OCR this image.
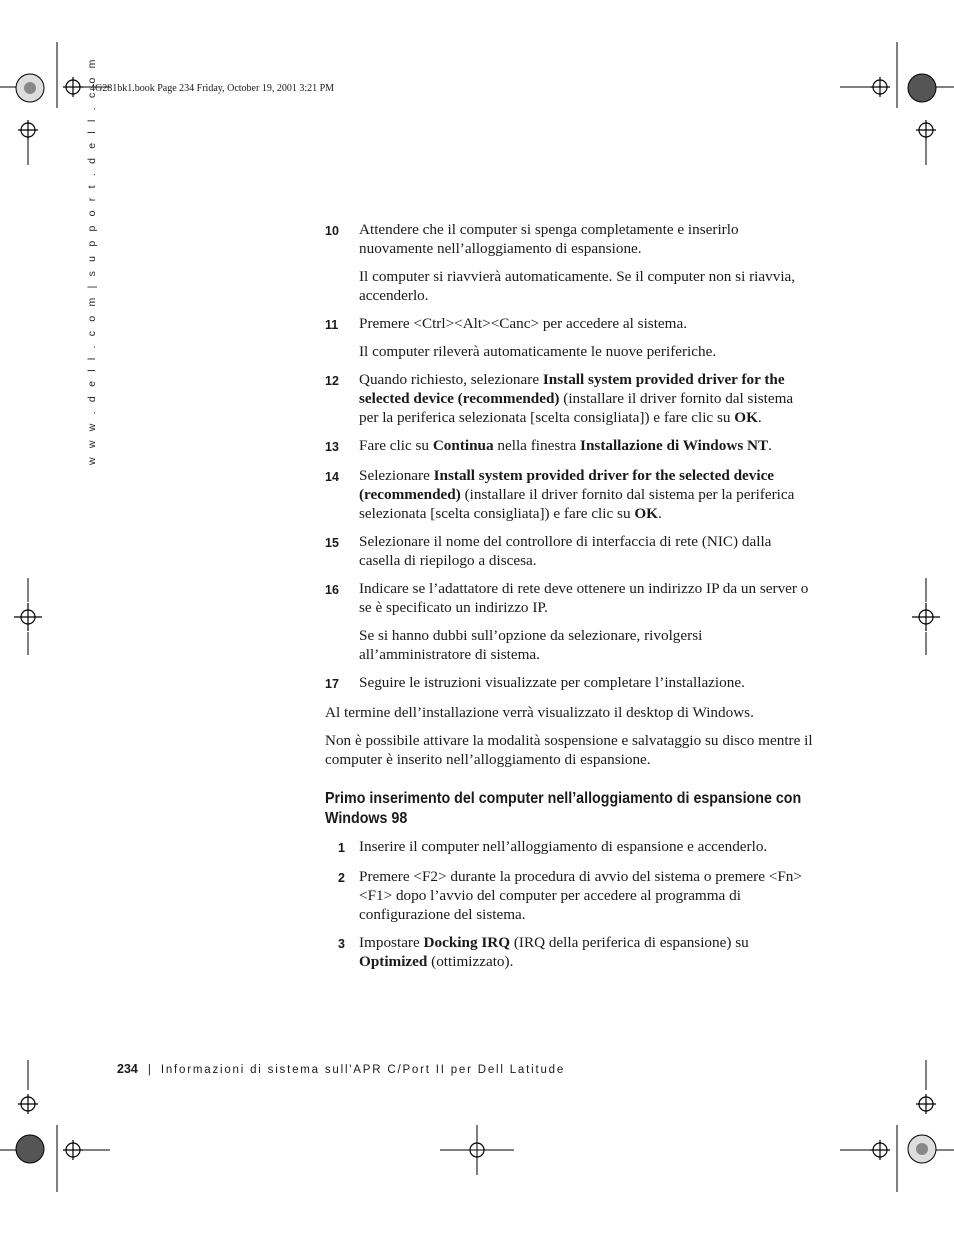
4G281bk1.book Page 234 Friday, October 19, 2001 3:21 PM
w w w . d e l l . c o m | s u p p o r t . d e l l . c o m	10	Attendere che il computer si spenga completamente e inserirlo nuovamente nell’alloggiamento di espansione.

Il computer si riavvierà automaticamente. Se il computer non si riavvia, accenderlo.

11	Premere <Ctrl><Alt><Canc> per accedere al sistema.

Il computer rileverà automaticamente le nuove periferiche.

12	Quando richiesto, selezionare Install system provided driver for the selected device (recommended) (installare il driver fornito dal sistema per la periferica selezionata [scelta consigliata]) e fare clic su OK.

13	Fare clic su Continua nella finestra Installazione di Windows NT.

14	Selezionare Install system provided driver for the selected device (recommended) (installare il driver fornito dal sistema per la periferica selezionata [scelta consigliata]) e fare clic su OK.

15	Selezionare il nome del controllore di interfaccia di rete (NIC) dalla casella di riepilogo a discesa.

16	Indicare se l’adattatore di rete deve ottenere un indirizzo IP da un server o se è specificato un indirizzo IP.

Se si hanno dubbi sull’opzione da selezionare, rivolgersi all’amministratore di sistema.

17	Seguire le istruzioni visualizzate per completare l’installazione.

Al termine dell’installazione verrà visualizzato il desktop di Windows.

Non è possibile attivare la modalità sospensione e salvataggio su disco mentre il computer è inserito nell’alloggiamento di espansione.

Primo inserimento del computer nell’alloggiamento di espansione con Windows 98
1 Inserire il computer nell’alloggiamento di espansione e accenderlo.

2 Premere <F2> durante la procedura di avvio del sistema o premere <Fn><F1> dopo l’avvio del computer per accedere al programma di configurazione del sistema.

3 Impostare Docking IRQ (IRQ della periferica di espansione) su Optimized (ottimizzato).

234 | Informazioni di sistema sull'APR C/Port II per Dell Latitude
